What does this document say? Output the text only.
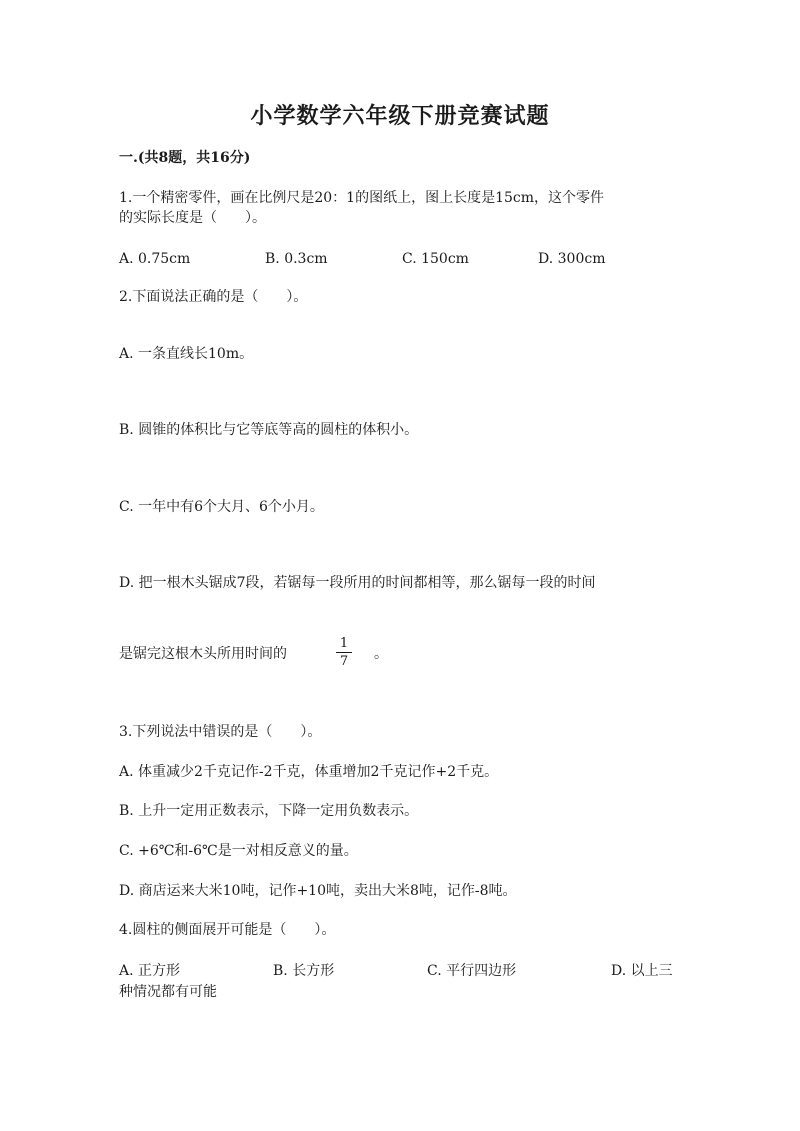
小学数学六年级下册竞赛试题
一.(共8题，共16分)
1.一个精密零件，画在比例尺是20：1的图纸上，图上长度是15cm，这个零件
的实际长度是（　　）。
A. 0.75cm	B. 0.3cm	C. 150cm	D. 300cm
2.下面说法正确的是（　　）。
A. 一条直线长10m。
B. 圆锥的体积比与它等底等高的圆柱的体积小。
C. 一年中有6个大月、6个小月。
D. 把一根木头锯成7段，若锯每一段所用的时间都相等，那么锯每一段的时间
是锯完这根木头所用时间的
1
7 。
3.下列说法中错误的是（　　）。
A. 体重减少2千克记作-2千克，体重增加2千克记作+2千克。
B. 上升一定用正数表示，下降一定用负数表示。
C. +6℃和-6℃是一对相反意义的量。
D. 商店运来大米10吨，记作+10吨，卖出大米8吨，记作-8吨。
4.圆柱的侧面展开可能是（　　）。
A. 正方形	B. 长方形	C. 平行四边形	D. 以上三
种情况都有可能
